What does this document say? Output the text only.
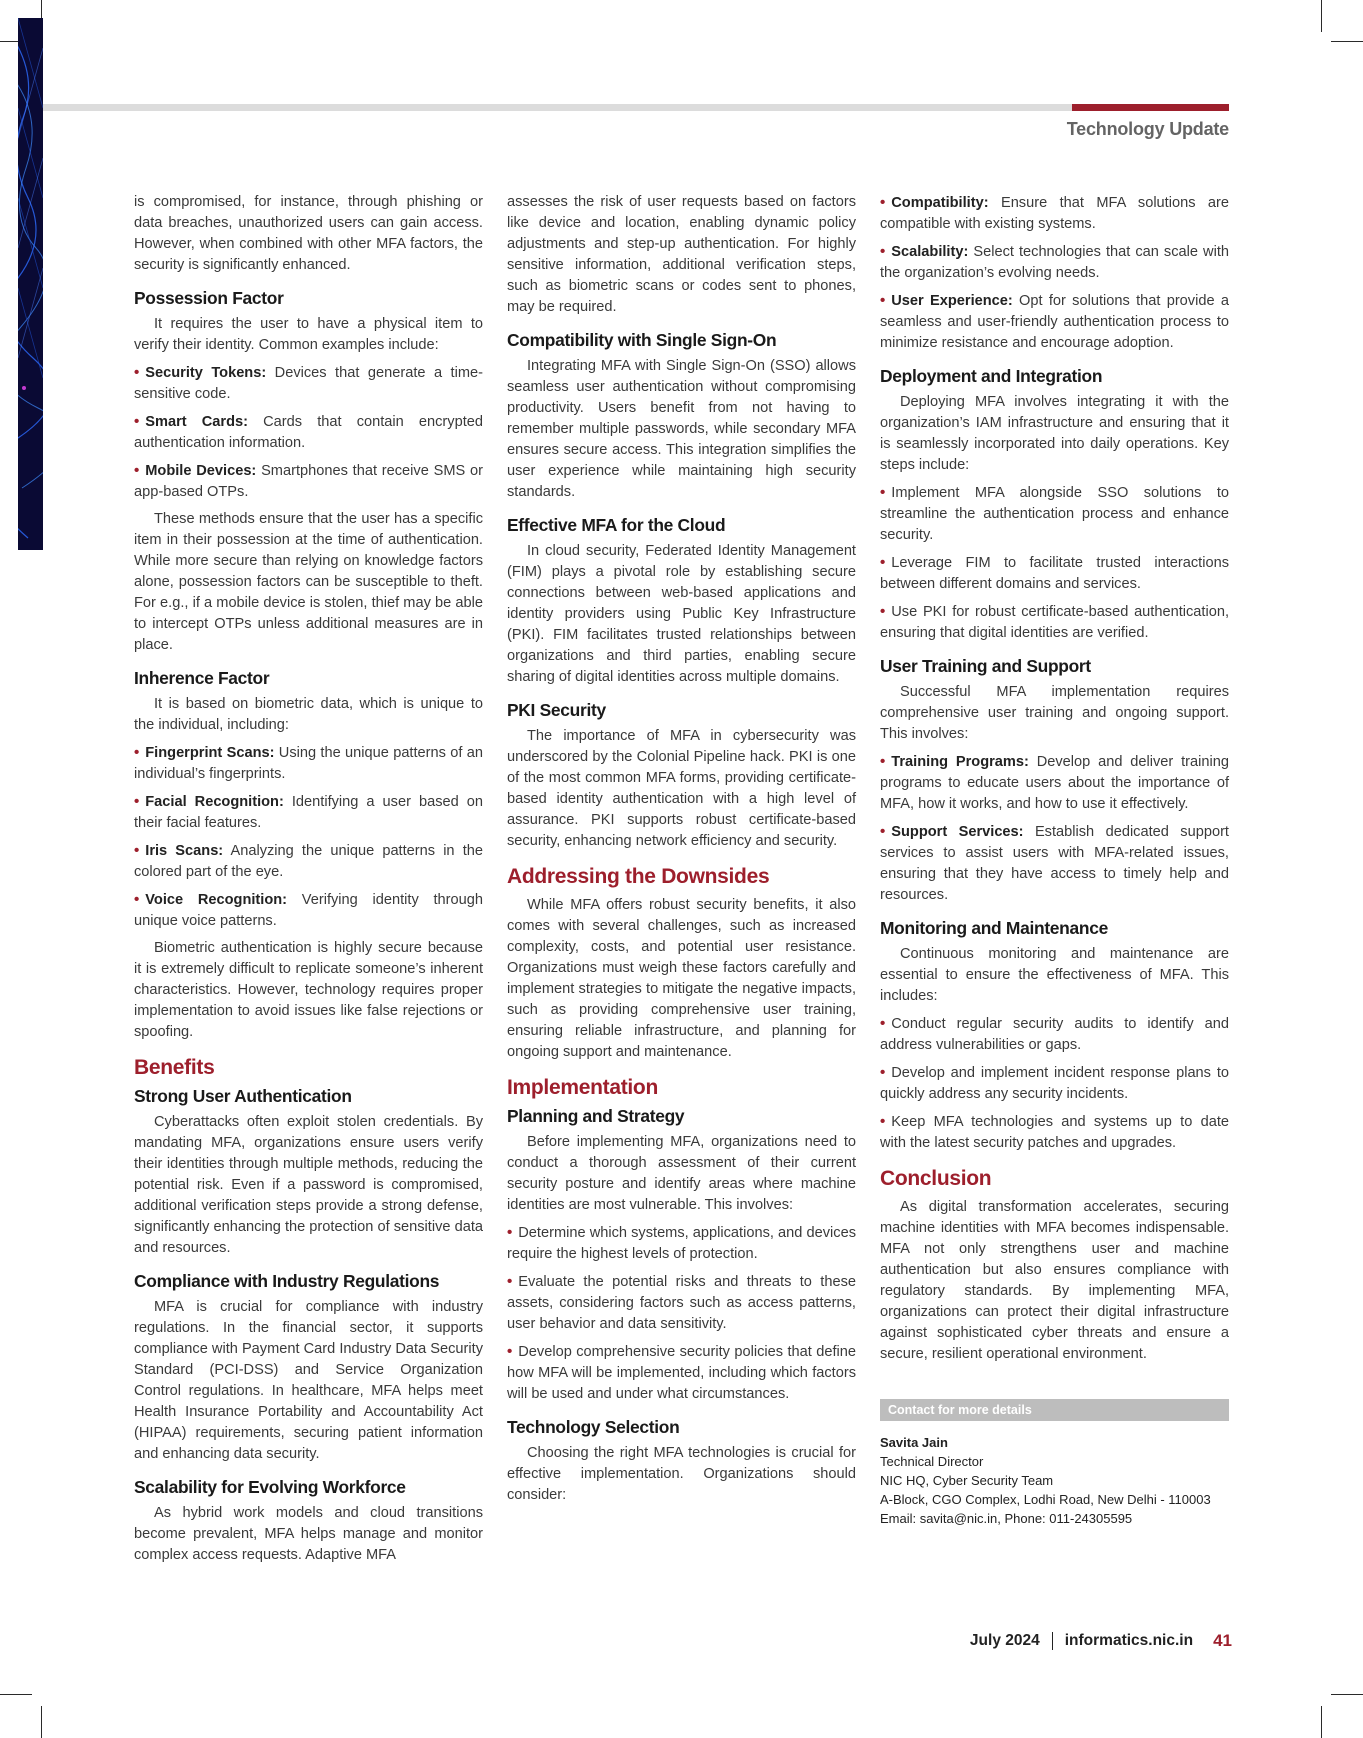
Technology Update

is compromised, for instance, through phishing or data breaches, unauthorized users can gain access. However, when combined with other MFA factors, the security is significantly enhanced.

Possession Factor

It requires the user to have a physical item to verify their identity. Common examples include:

• Security Tokens: Devices that generate a time-sensitive code.

• Smart Cards: Cards that contain encrypted authentication information.

• Mobile Devices: Smartphones that receive SMS or app-based OTPs.

These methods ensure that the user has a specific item in their possession at the time of authentication. While more secure than relying on knowledge factors alone, possession factors can be susceptible to theft. For e.g., if a mobile device is stolen, thief may be able to intercept OTPs unless additional measures are in place.

Inherence Factor

It is based on biometric data, which is unique to the individual, including:

• Fingerprint Scans: Using the unique patterns of an individual’s fingerprints.

• Facial Recognition: Identifying a user based on their facial features.

• Iris Scans: Analyzing the unique patterns in the colored part of the eye.

• Voice Recognition: Verifying identity through unique voice patterns.

Biometric authentication is highly secure because it is extremely difficult to replicate someone’s inherent characteristics. However, technology requires proper implementation to avoid issues like false rejections or spoofing.

Benefits
Strong User Authentication

Cyberattacks often exploit stolen credentials. By mandating MFA, organizations ensure users verify their identities through multiple methods, reducing the potential risk. Even if a password is compromised, additional verification steps provide a strong defense, significantly enhancing the protection of sensitive data and resources.

Compliance with Industry Regulations

MFA is crucial for compliance with industry regulations. In the financial sector, it supports compliance with Payment Card Industry Data Security Standard (PCI-DSS) and Service Organization Control regulations. In healthcare, MFA helps meet Health Insurance Portability and Accountability Act (HIPAA) requirements, securing patient information and enhancing data security.

Scalability for Evolving Workforce

As hybrid work models and cloud transitions become prevalent, MFA helps manage and monitor complex access requests. Adaptive MFA

assesses the risk of user requests based on factors like device and location, enabling dynamic policy adjustments and step-up authentication. For highly sensitive information, additional verification steps, such as biometric scans or codes sent to phones, may be required.

Compatibility with Single Sign-On

Integrating MFA with Single Sign-On (SSO) allows seamless user authentication without compromising productivity. Users benefit from not having to remember multiple passwords, while secondary MFA ensures secure access. This integration simplifies the user experience while maintaining high security standards.

Effective MFA for the Cloud

In cloud security, Federated Identity Management (FIM) plays a pivotal role by establishing secure connections between web-based applications and identity providers using Public Key Infrastructure (PKI). FIM facilitates trusted relationships between organizations and third parties, enabling secure sharing of digital identities across multiple domains.

PKI Security

The importance of MFA in cybersecurity was underscored by the Colonial Pipeline hack. PKI is one of the most common MFA forms, providing certificate-based identity authentication with a high level of assurance. PKI supports robust certificate-based security, enhancing network efficiency and security.

Addressing the Downsides

While MFA offers robust security benefits, it also comes with several challenges, such as increased complexity, costs, and potential user resistance. Organizations must weigh these factors carefully and implement strategies to mitigate the negative impacts, such as providing comprehensive user training, ensuring reliable infrastructure, and planning for ongoing support and maintenance.

Implementation
Planning and Strategy

Before implementing MFA, organizations need to conduct a thorough assessment of their current security posture and identify areas where machine identities are most vulnerable. This involves:

• Determine which systems, applications, and devices require the highest levels of protection.

• Evaluate the potential risks and threats to these assets, considering factors such as access patterns, user behavior and data sensitivity.

• Develop comprehensive security policies that define how MFA will be implemented, including which factors will be used and under what circumstances.

Technology Selection

Choosing the right MFA technologies is crucial for effective implementation. Organizations should consider:

• Compatibility: Ensure that MFA solutions are compatible with existing systems.

• Scalability: Select technologies that can scale with the organization’s evolving needs.

• User Experience: Opt for solutions that provide a seamless and user-friendly authentication process to minimize resistance and encourage adoption.

Deployment and Integration

Deploying MFA involves integrating it with the organization’s IAM infrastructure and ensuring that it is seamlessly incorporated into daily operations. Key steps include:

• Implement MFA alongside SSO solutions to streamline the authentication process and enhance security.

• Leverage FIM to facilitate trusted interactions between different domains and services.

• Use PKI for robust certificate-based authentication, ensuring that digital identities are verified.

User Training and Support

Successful MFA implementation requires comprehensive user training and ongoing support. This involves:

• Training Programs: Develop and deliver training programs to educate users about the importance of MFA, how it works, and how to use it effectively.

• Support Services: Establish dedicated support services to assist users with MFA-related issues, ensuring that they have access to timely help and resources.

Monitoring and Maintenance

Continuous monitoring and maintenance are essential to ensure the effectiveness of MFA. This includes:

• Conduct regular security audits to identify and address vulnerabilities or gaps.

• Develop and implement incident response plans to quickly address any security incidents.

• Keep MFA technologies and systems up to date with the latest security patches and upgrades.

Conclusion

As digital transformation accelerates, securing machine identities with MFA becomes indispensable. MFA not only strengthens user and machine authentication but also ensures compliance with regulatory standards. By implementing MFA, organizations can protect their digital infrastructure against sophisticated cyber threats and ensure a secure, resilient operational environment.

Contact for more details
Savita Jain
Technical Director
NIC HQ, Cyber Security Team
A-Block, CGO Complex, Lodhi Road, New Delhi - 110003
Email: savita@nic.in, Phone: 011-24305595
July 2024 informatics.nic.in 41
